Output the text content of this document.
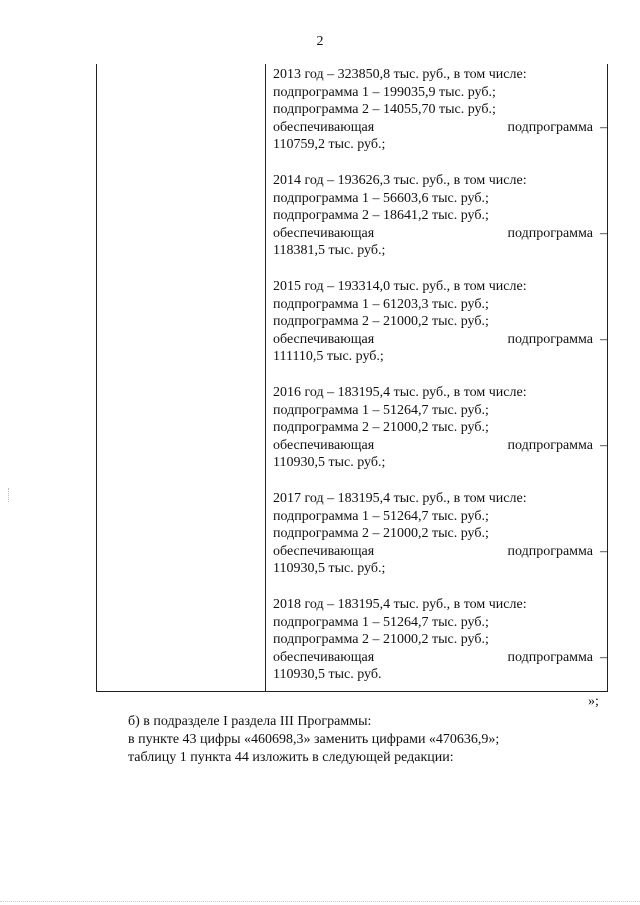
2
2013 год – 323850,8 тыс. руб., в том числе:
подпрограмма 1 – 199035,9 тыс. руб.;
подпрограмма 2 – 14055,70 тыс. руб.;
обеспечивающая	подпрограмма –
110759,2 тыс. руб.;
2014 год – 193626,3 тыс. руб., в том числе:
подпрограмма 1 – 56603,6 тыс. руб.;
подпрограмма 2 – 18641,2 тыс. руб.;
обеспечивающая	подпрограмма –
118381,5 тыс. руб.;
2015 год – 193314,0 тыс. руб., в том числе:
подпрограмма 1 – 61203,3 тыс. руб.;
подпрограмма 2 – 21000,2 тыс. руб.;
обеспечивающая	подпрограмма –
111110,5 тыс. руб.;
2016 год – 183195,4 тыс. руб., в том числе:
подпрограмма 1 – 51264,7 тыс. руб.;
подпрограмма 2 – 21000,2 тыс. руб.;
обеспечивающая	подпрограмма –
110930,5 тыс. руб.;
2017 год – 183195,4 тыс. руб., в том числе:
подпрограмма 1 – 51264,7 тыс. руб.;
подпрограмма 2 – 21000,2 тыс. руб.;
обеспечивающая	подпрограмма –
110930,5 тыс. руб.;
2018 год – 183195,4 тыс. руб., в том числе:
подпрограмма 1 – 51264,7 тыс. руб.;
подпрограмма 2 – 21000,2 тыс. руб.;
обеспечивающая	подпрограмма –
110930,5 тыс. руб.
»;
б) в подразделе I раздела III Программы:
в пункте 43 цифры «460698,3» заменить цифрами «470636,9»;
таблицу 1 пункта 44 изложить в следующей редакции:
